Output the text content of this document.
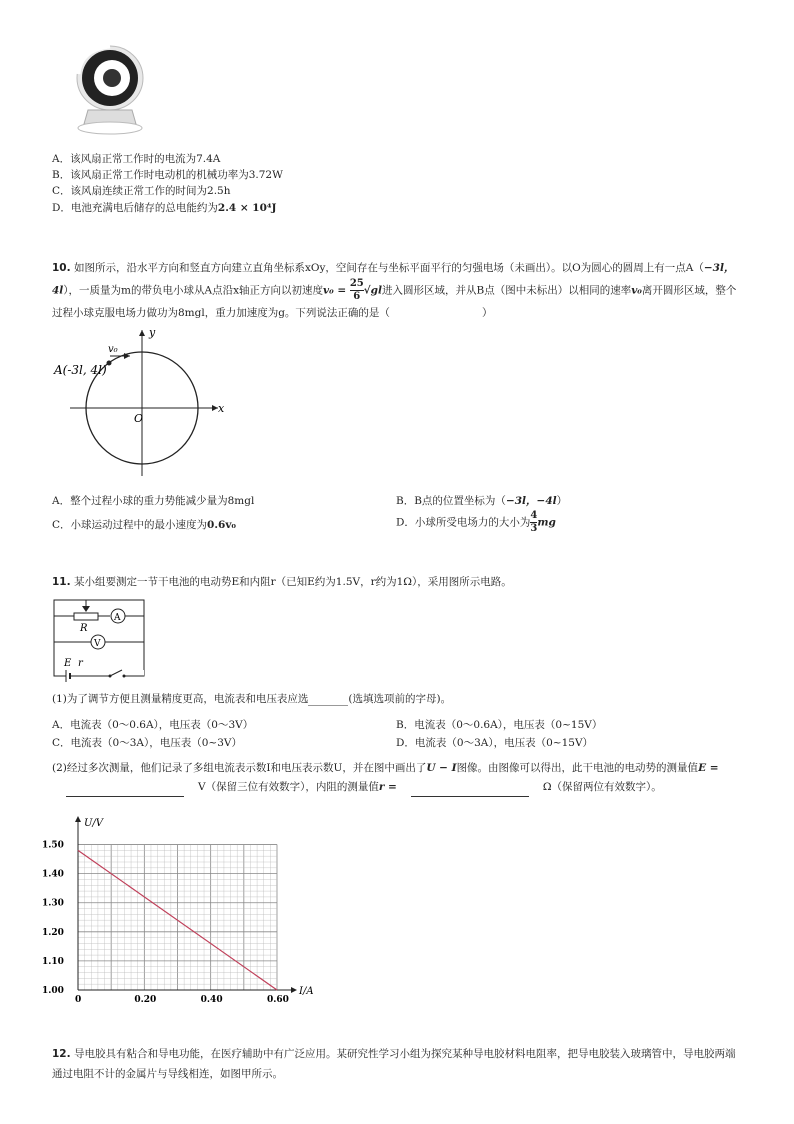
A．该风扇正常工作时的电流为7.4A
B．该风扇正常工作时电动机的机械功率为3.72W
C．该风扇连续正常工作的时间为2.5h
D．电池充满电后储存的总电能约为2.4 × 10⁴J
10. 如图所示，沿水平方向和竖直方向建立直角坐标系xOy，空间存在与坐标平面平行的匀强电场（未画出）。以O为圆心的圆周上有一点A（−3l，4l），一质量为m的带负电小球从A点沿x轴正方向以初速度$v_0 = \frac{25}{6} √gl$进入圆形区域，并从B点（图中未标出）以相同的速率v₀离开圆形区域，整个过程小球克服电场力做功为8mgl，重力加速度为g。下列说法正确的是（	）
A(-3l, 4l)
v₀
O
x
y
A．整个过程小球的重力势能减少量为8mgl	B．B点的位置坐标为（−3l，−4l）
C．小球运动过程中的最小速度为0.6v₀	D．小球所受电场力的大小为 $\frac{4}{3}$ mg
11. 某小组要测定一节干电池的电动势E和内阻r（已知E约为1.5V，r约为1Ω），采用图所示电路。
A
R
V
E r
(1)为了调节方便且测量精度更高，电流表和电压表应选	(选填选项前的字母)。
A．电流表（0～0.6A），电压表（0～3V）	B．电流表（0～0.6A），电压表（0~15V）
C．电流表（0～3A），电压表（0~3V）	D．电流表（0～3A），电压表（0~15V）
(2)经过多次测量，他们记录了多组电流表示数I和电压表示数U，并在图中画出了U − I图像。由图像可以得出，此干电池的电动势的测量值E =V（保留三位有效数字），内阻的测量值r =	Ω（保留两位有效数字）。
0	0.20	0.40	0.60
1.00
1.10
1.20
1.30
1.40
1.50
I/A
U/V
12. 导电胶具有粘合和导电功能，在医疗辅助中有广泛应用。某研究性学习小组为探究某种导电胶材料电阻率，把导电胶装入玻璃管中，导电胶两端通过电阻不计的金属片与导线相连，如图甲所示。
